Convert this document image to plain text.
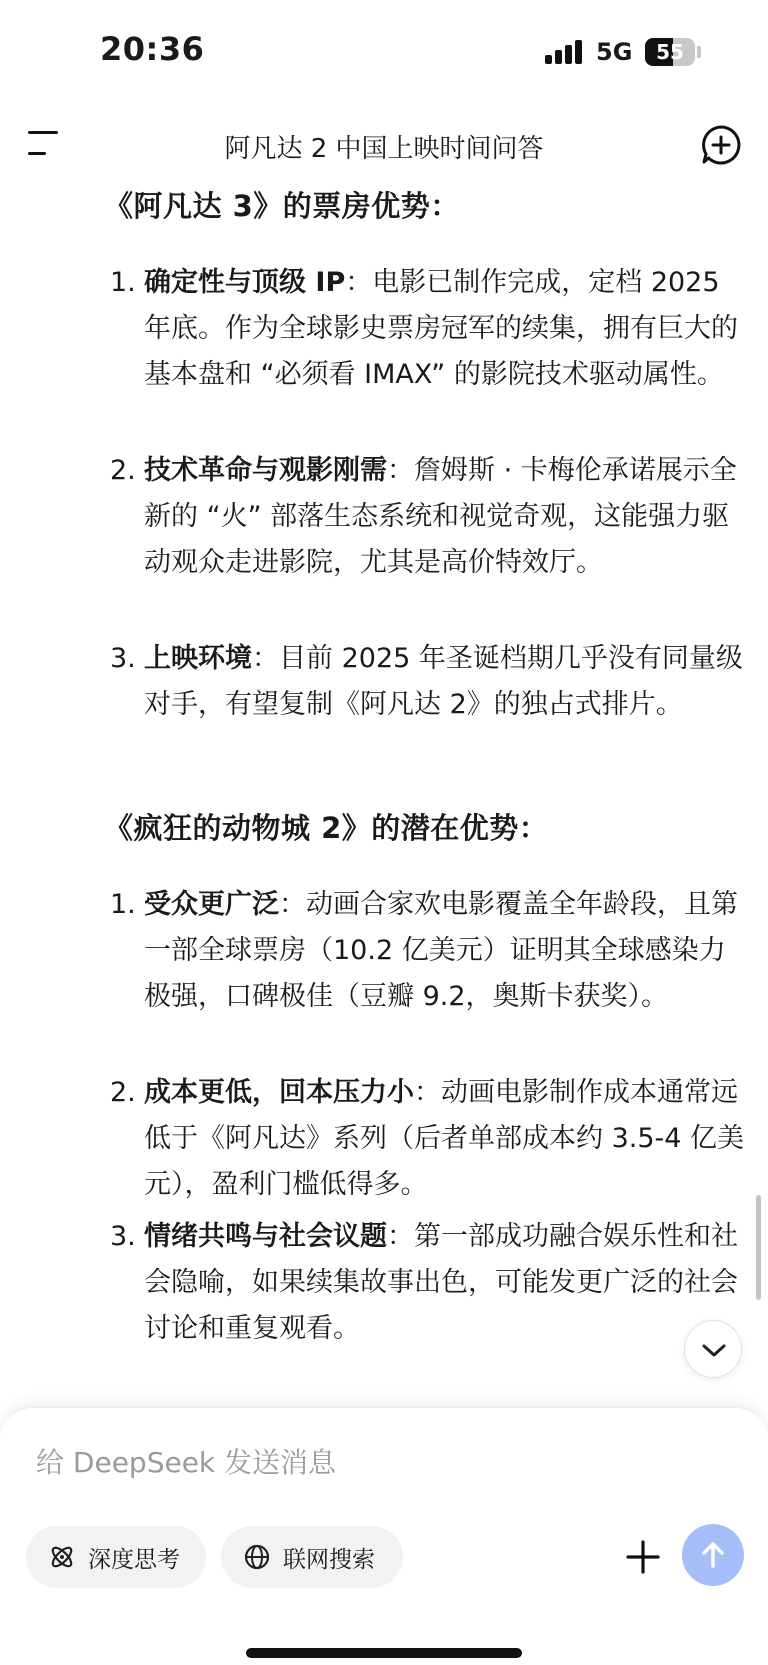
20:36	5G	55
阿凡达 2 中国上映时间问答
《阿凡达 3》的票房优势：
1. 确定性与顶级 IP：电影已制作完成，定档 2025 年底。作为全球影史票房冠军的续集，拥有巨大的基本盘和 “必须看 IMAX” 的影院技术驱动属性。
2. 技术革命与观影刚需：詹姆斯 · 卡梅伦承诺展示全新的 “火” 部落生态系统和视觉奇观，这能强力驱动观众走进影院，尤其是高价特效厅。
3. 上映环境：目前 2025 年圣诞档期几乎没有同量级对手，有望复制《阿凡达 2》的独占式排片。
《疯狂的动物城 2》的潜在优势：
1. 受众更广泛：动画合家欢电影覆盖全年龄段，且第一部全球票房（10.2 亿美元）证明其全球感染力极强，口碑极佳（豆瓣 9.2，奥斯卡获奖）。
2. 成本更低，回本压力小：动画电影制作成本通常远低于《阿凡达》系列（后者单部成本约 3.5-4 亿美元），盈利门槛低得多。
3. 情绪共鸣与社会议题：第一部成功融合娱乐性和社会隐喻，如果续集故事出色，可能发更广泛的社会讨论和重复观看。
给 DeepSeek 发送消息
深度思考	联网搜索
